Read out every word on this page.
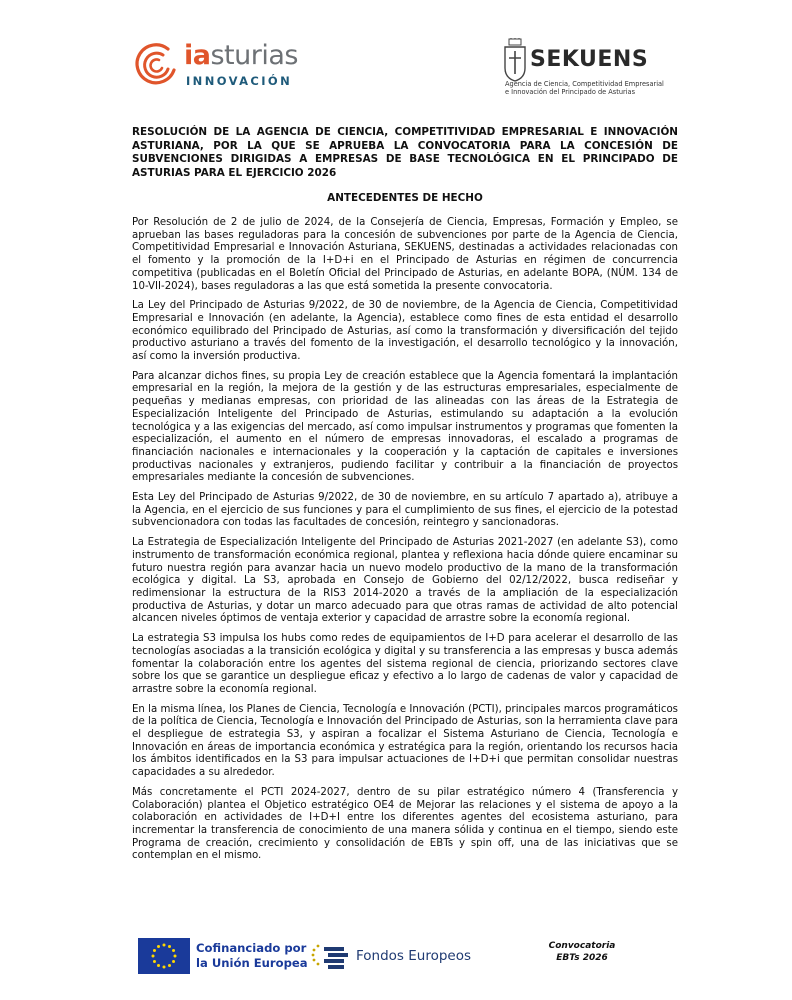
iasturias
INNOVACIÓN
SEKUENS
Agencia de Ciencia, Competitividad Empresarial
e Innovación del Principado de Asturias

RESOLUCIÓN DE LA AGENCIA DE CIENCIA, COMPETITIVIDAD EMPRESARIAL E INNOVACIÓN ASTURIANA, POR LA QUE SE APRUEBA LA CONVOCATORIA PARA LA CONCESIÓN DE SUBVENCIONES DIRIGIDAS A EMPRESAS DE BASE TECNOLÓGICA EN EL PRINCIPADO DE ASTURIAS PARA EL EJERCICIO 2026

ANTECEDENTES DE HECHO

Por Resolución de 2 de julio de 2024, de la Consejería de Ciencia, Empresas, Formación y Empleo, se aprueban las bases reguladoras para la concesión de subvenciones por parte de la Agencia de Ciencia, Competitividad Empresarial e Innovación Asturiana, SEKUENS, destinadas a actividades relacionadas con el fomento y la promoción de la I+D+i en el Principado de Asturias en régimen de concurrencia competitiva (publicadas en el Boletín Oficial del Principado de Asturias, en adelante BOPA, (NÚM. 134 de 10-VII-2024), bases reguladoras a las que está sometida la presente convocatoria.

La Ley del Principado de Asturias 9/2022, de 30 de noviembre, de la Agencia de Ciencia, Competitividad Empresarial e Innovación (en adelante, la Agencia), establece como fines de esta entidad el desarrollo económico equilibrado del Principado de Asturias, así como la transformación y diversificación del tejido productivo asturiano a través del fomento de la investigación, el desarrollo tecnológico y la innovación, así como la inversión productiva.

Para alcanzar dichos fines, su propia Ley de creación establece que la Agencia fomentará la implantación empresarial en la región, la mejora de la gestión y de las estructuras empresariales, especialmente de pequeñas y medianas empresas, con prioridad de las alineadas con las áreas de la Estrategia de Especialización Inteligente del Principado de Asturias, estimulando su adaptación a la evolución tecnológica y a las exigencias del mercado, así como impulsar instrumentos y programas que fomenten la especialización, el aumento en el número de empresas innovadoras, el escalado a programas de financiación nacionales e internacionales y la cooperación y la captación de capitales e inversiones productivas nacionales y extranjeros, pudiendo facilitar y contribuir a la financiación de proyectos empresariales mediante la concesión de subvenciones.

Esta Ley del Principado de Asturias 9/2022, de 30 de noviembre, en su artículo 7 apartado a), atribuye a la Agencia, en el ejercicio de sus funciones y para el cumplimiento de sus fines, el ejercicio de la potestad subvencionadora con todas las facultades de concesión, reintegro y sancionadoras.

La Estrategia de Especialización Inteligente del Principado de Asturias 2021-2027 (en adelante S3), como instrumento de transformación económica regional, plantea y reflexiona hacia dónde quiere encaminar su futuro nuestra región para avanzar hacia un nuevo modelo productivo de la mano de la transformación ecológica y digital. La S3, aprobada en Consejo de Gobierno del 02/12/2022, busca rediseñar y redimensionar la estructura de la RIS3 2014-2020 a través de la ampliación de la especialización productiva de Asturias, y dotar un marco adecuado para que otras ramas de actividad de alto potencial alcancen niveles óptimos de ventaja exterior y capacidad de arrastre sobre la economía regional.

La estrategia S3 impulsa los hubs como redes de equipamientos de I+D para acelerar el desarrollo de las tecnologías asociadas a la transición ecológica y digital y su transferencia a las empresas y busca además fomentar la colaboración entre los agentes del sistema regional de ciencia, priorizando sectores clave sobre los que se garantice un despliegue eficaz y efectivo a lo largo de cadenas de valor y capacidad de arrastre sobre la economía regional.

En la misma línea, los Planes de Ciencia, Tecnología e Innovación (PCTI), principales marcos programáticos de la política de Ciencia, Tecnología e Innovación del Principado de Asturias, son la herramienta clave para el despliegue de estrategia S3, y aspiran a focalizar el Sistema Asturiano de Ciencia, Tecnología e Innovación en áreas de importancia económica y estratégica para la región, orientando los recursos hacia los ámbitos identificados en la S3 para impulsar actuaciones de I+D+i que permitan consolidar nuestras capacidades a su alrededor.

Más concretamente el PCTI 2024-2027, dentro de su pilar estratégico número 4 (Transferencia y Colaboración) plantea el Objetico estratégico OE4 de Mejorar las relaciones y el sistema de apoyo a la colaboración en actividades de I+D+I entre los diferentes agentes del ecosistema asturiano, para incrementar la transferencia de conocimiento de una manera sólida y continua en el tiempo, siendo este Programa de creación, crecimiento y consolidación de EBTs y spin off, una de las iniciativas que se contemplan en el mismo.

Cofinanciado por
la Unión Europea	Fondos Europeos
Convocatoria
EBTs 2026
